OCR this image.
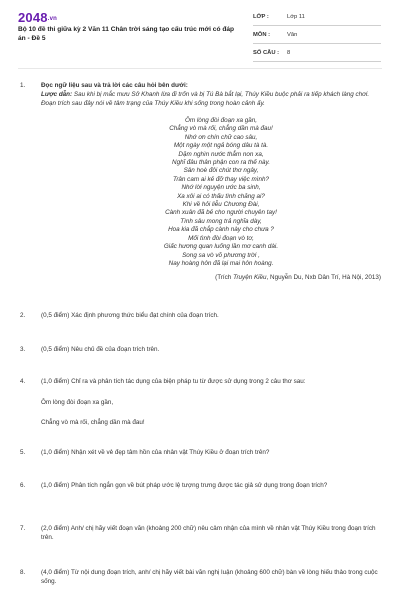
2048.vn
Bộ 10 đề thi giữa kỳ 2 Văn 11 Chân trời sáng tạo cấu trúc mới có đáp án - Đề 5
LỚP :	Lớp 11
MÔN :	Văn
SỐ CÂU : 8
1. Đọc ngữ liệu sau và trả lời các câu hỏi bên dưới:
Lược dẫn: Sau khi bị mắc mưu Sở Khanh lừa đi trốn và bị Tú Bà bắt lại, Thúy Kiều buộc phải ra tiếp khách làng chơi. Đoạn trích sau đây nói về tâm trạng của Thúy Kiều khi sống trong hoàn cảnh ấy.
Ôm lòng đòi đoạn xa gần,
Chẳng vò mà rối, chẳng dần mà đau!
Nhớ ơn chín chữ cao sâu,
Một ngày một ngả bóng dâu tà tà.
Dặm nghìn nước thẳm non xa,
Nghĩ đâu thân phận con ra thế này.
Sân hoè đôi chút thơ ngây,
Trân cam ai kẻ đỡ thay việc mình?
Nhớ lời nguyện ước ba sinh,
Xa xôi ai có thấu tình chăng ai?
Khi về hỏi liễu Chương Đài,
Cành xuân đã bẻ cho người chuyên tay!
Tình sâu mong trả nghĩa dày,
Hoa kia đã chắp cành này cho chưa ?
Mối tình đòi đoạn vò tơ,
Giấc hương quan luống lần mơ canh dài.
Song sa vò võ phương trời ,
Nay hoàng hôn đã lại mai hôn hoàng.
(Trích Truyện Kiều, Nguyễn Du, Nxb Dân Trí, Hà Nội, 2013)
2. (0,5 điểm) Xác định phương thức biểu đạt chính của đoạn trích.
3. (0,5 điểm) Nêu chủ đề của đoạn trích trên.
4. (1,0 điểm) Chỉ ra và phân tích tác dụng của biện pháp tu từ được sử dụng trong 2 câu thơ sau:
Ôm lòng đòi đoạn xa gần,
Chẳng vò mà rối, chẳng dần mà đau!
5. (1,0 điểm) Nhận xét về vẻ đẹp tâm hồn của nhân vật Thúy Kiều ở đoạn trích trên?
6. (1,0 điểm) Phân tích ngắn gọn về bút pháp ước lệ tượng trưng được tác giả sử dụng trong đoạn trích?
7. (2,0 điểm) Anh/ chị hãy viết đoạn văn (khoảng 200 chữ) nêu cảm nhận của mình về nhân vật Thúy Kiều trong đoạn trích trên.
8. (4,0 điểm) Từ nội dung đoạn trích, anh/ chị hãy viết bài văn nghị luận (khoảng 600 chữ) bàn về lòng hiếu thảo trong cuộc sống.
